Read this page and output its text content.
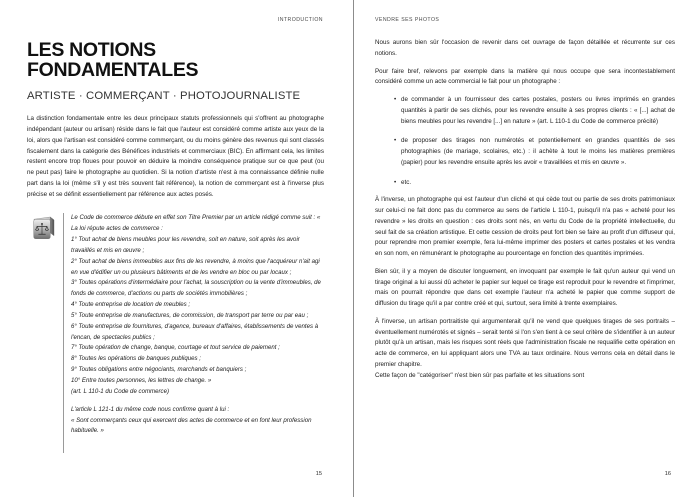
INTRODUCTION
LES NOTIONS FONDAMENTALES
ARTISTE · COMMERÇANT · PHOTOJOURNALISTE

La distinction fondamentale entre les deux principaux statuts professionnels qui s'offrent au photographe indépendant (auteur ou artisan) réside dans le fait que l'auteur est considéré comme artiste aux yeux de la loi, alors que l'artisan est considéré comme commerçant, ou du moins génère des revenus qui sont classés fiscalement dans la catégorie des Bénéfices industriels et commerciaux (BIC). En affirmant cela, les limites restent encore trop floues pour pouvoir en déduire la moindre conséquence pratique sur ce que peut (ou ne peut pas) faire le photographe au quotidien. Si la notion d'artiste n'est à ma connaissance définie nulle part dans la loi (même s'il y est très souvent fait référence), la notion de commerçant est à l'inverse plus précise et se définit essentiellement par référence aux actes posés.

Le Code de commerce débute en effet son Titre Premier par un article rédigé comme suit : « La loi répute actes de commerce :
1° Tout achat de biens meubles pour les revendre, soit en nature, soit après les avoir travaillés et mis en œuvre ;
2° Tout achat de biens immeubles aux fins de les revendre, à moins que l'acquéreur n'ait agi en vue d'édifier un ou plusieurs bâtiments et de les vendre en bloc ou par locaux ;
3° Toutes opérations d'intermédiaire pour l'achat, la souscription ou la vente d'immeubles, de fonds de commerce, d'actions ou parts de sociétés immobilières ;
4° Toute entreprise de location de meubles ;
5° Toute entreprise de manufactures, de commission, de transport par terre ou par eau ;
6° Toute entreprise de fournitures, d'agence, bureaux d'affaires, établissements de ventes à l'encan, de spectacles publics ;
7° Toute opération de change, banque, courtage et tout service de paiement ;
8° Toutes les opérations de banques publiques ;
9° Toutes obligations entre négociants, marchands et banquiers ;
10° Entre toutes personnes, les lettres de change. »
(art. L 110-1 du Code de commerce)
L'article L 121-1 du même code nous confirme quant à lui :
« Sont commerçants ceux qui exercent des actes de commerce et en font leur profession habituelle. »

15
VENDRE SES PHOTOS

Nous aurons bien sûr l'occasion de revenir dans cet ouvrage de façon détaillée et récurrente sur ces notions.

Pour faire bref, relevons par exemple dans la matière qui nous occupe que sera incontestablement considéré comme un acte commercial le fait pour un photographe :

• de commander à un fournisseur des cartes postales, posters ou livres imprimés en grandes quantités à partir de ses clichés, pour les revendre ensuite à ses propres clients : « [...] achat de biens meubles pour les revendre [...] en nature » (art. L 110-1 du Code de commerce précité)
• de proposer des tirages non numérotés et potentiellement en grandes quantités de ses photographies (de mariage, scolaires, etc.) : il achète à tout le moins les matières premières (papier) pour les revendre ensuite après les avoir « travaillées et mis en œuvre ».
• etc.

À l'inverse, un photographe qui est l'auteur d'un cliché et qui cède tout ou partie de ses droits patrimoniaux sur celui-ci ne fait donc pas du commerce au sens de l'article L 110-1, puisqu'il n'a pas « acheté pour les revendre » les droits en question : ces droits sont nés, en vertu du Code de la propriété intellectuelle, du seul fait de sa création artistique. Et cette cession de droits peut fort bien se faire au profit d'un diffuseur qui, pour reprendre mon premier exemple, fera lui-même imprimer des posters et cartes postales et les vendra en son nom, en rémunérant le photographe au pourcentage en fonction des quantités imprimées.

Bien sûr, il y a moyen de discuter longuement, en invoquant par exemple le fait qu'un auteur qui vend un tirage original a lui aussi dû acheter le papier sur lequel ce tirage est reproduit pour le revendre et l'imprimer, mais on pourrait répondre que dans cet exemple l'auteur n'a acheté le papier que comme support de diffusion du tirage qu'il a par contre créé et qui, surtout, sera limité à trente exemplaires.

À l'inverse, un artisan portraitiste qui argumenterait qu'il ne vend que quelques tirages de ses portraits – éventuellement numérotés et signés – serait tenté si l'on s'en tient à ce seul critère de s'identifier à un auteur plutôt qu'à un artisan, mais les risques sont réels que l'administration fiscale ne requalifie cette opération en acte de commerce, en lui appliquant alors une TVA au taux ordinaire. Nous verrons cela en détail dans le premier chapitre.

Cette façon de "catégoriser" n'est bien sûr pas parfaite et les situations sont

16
